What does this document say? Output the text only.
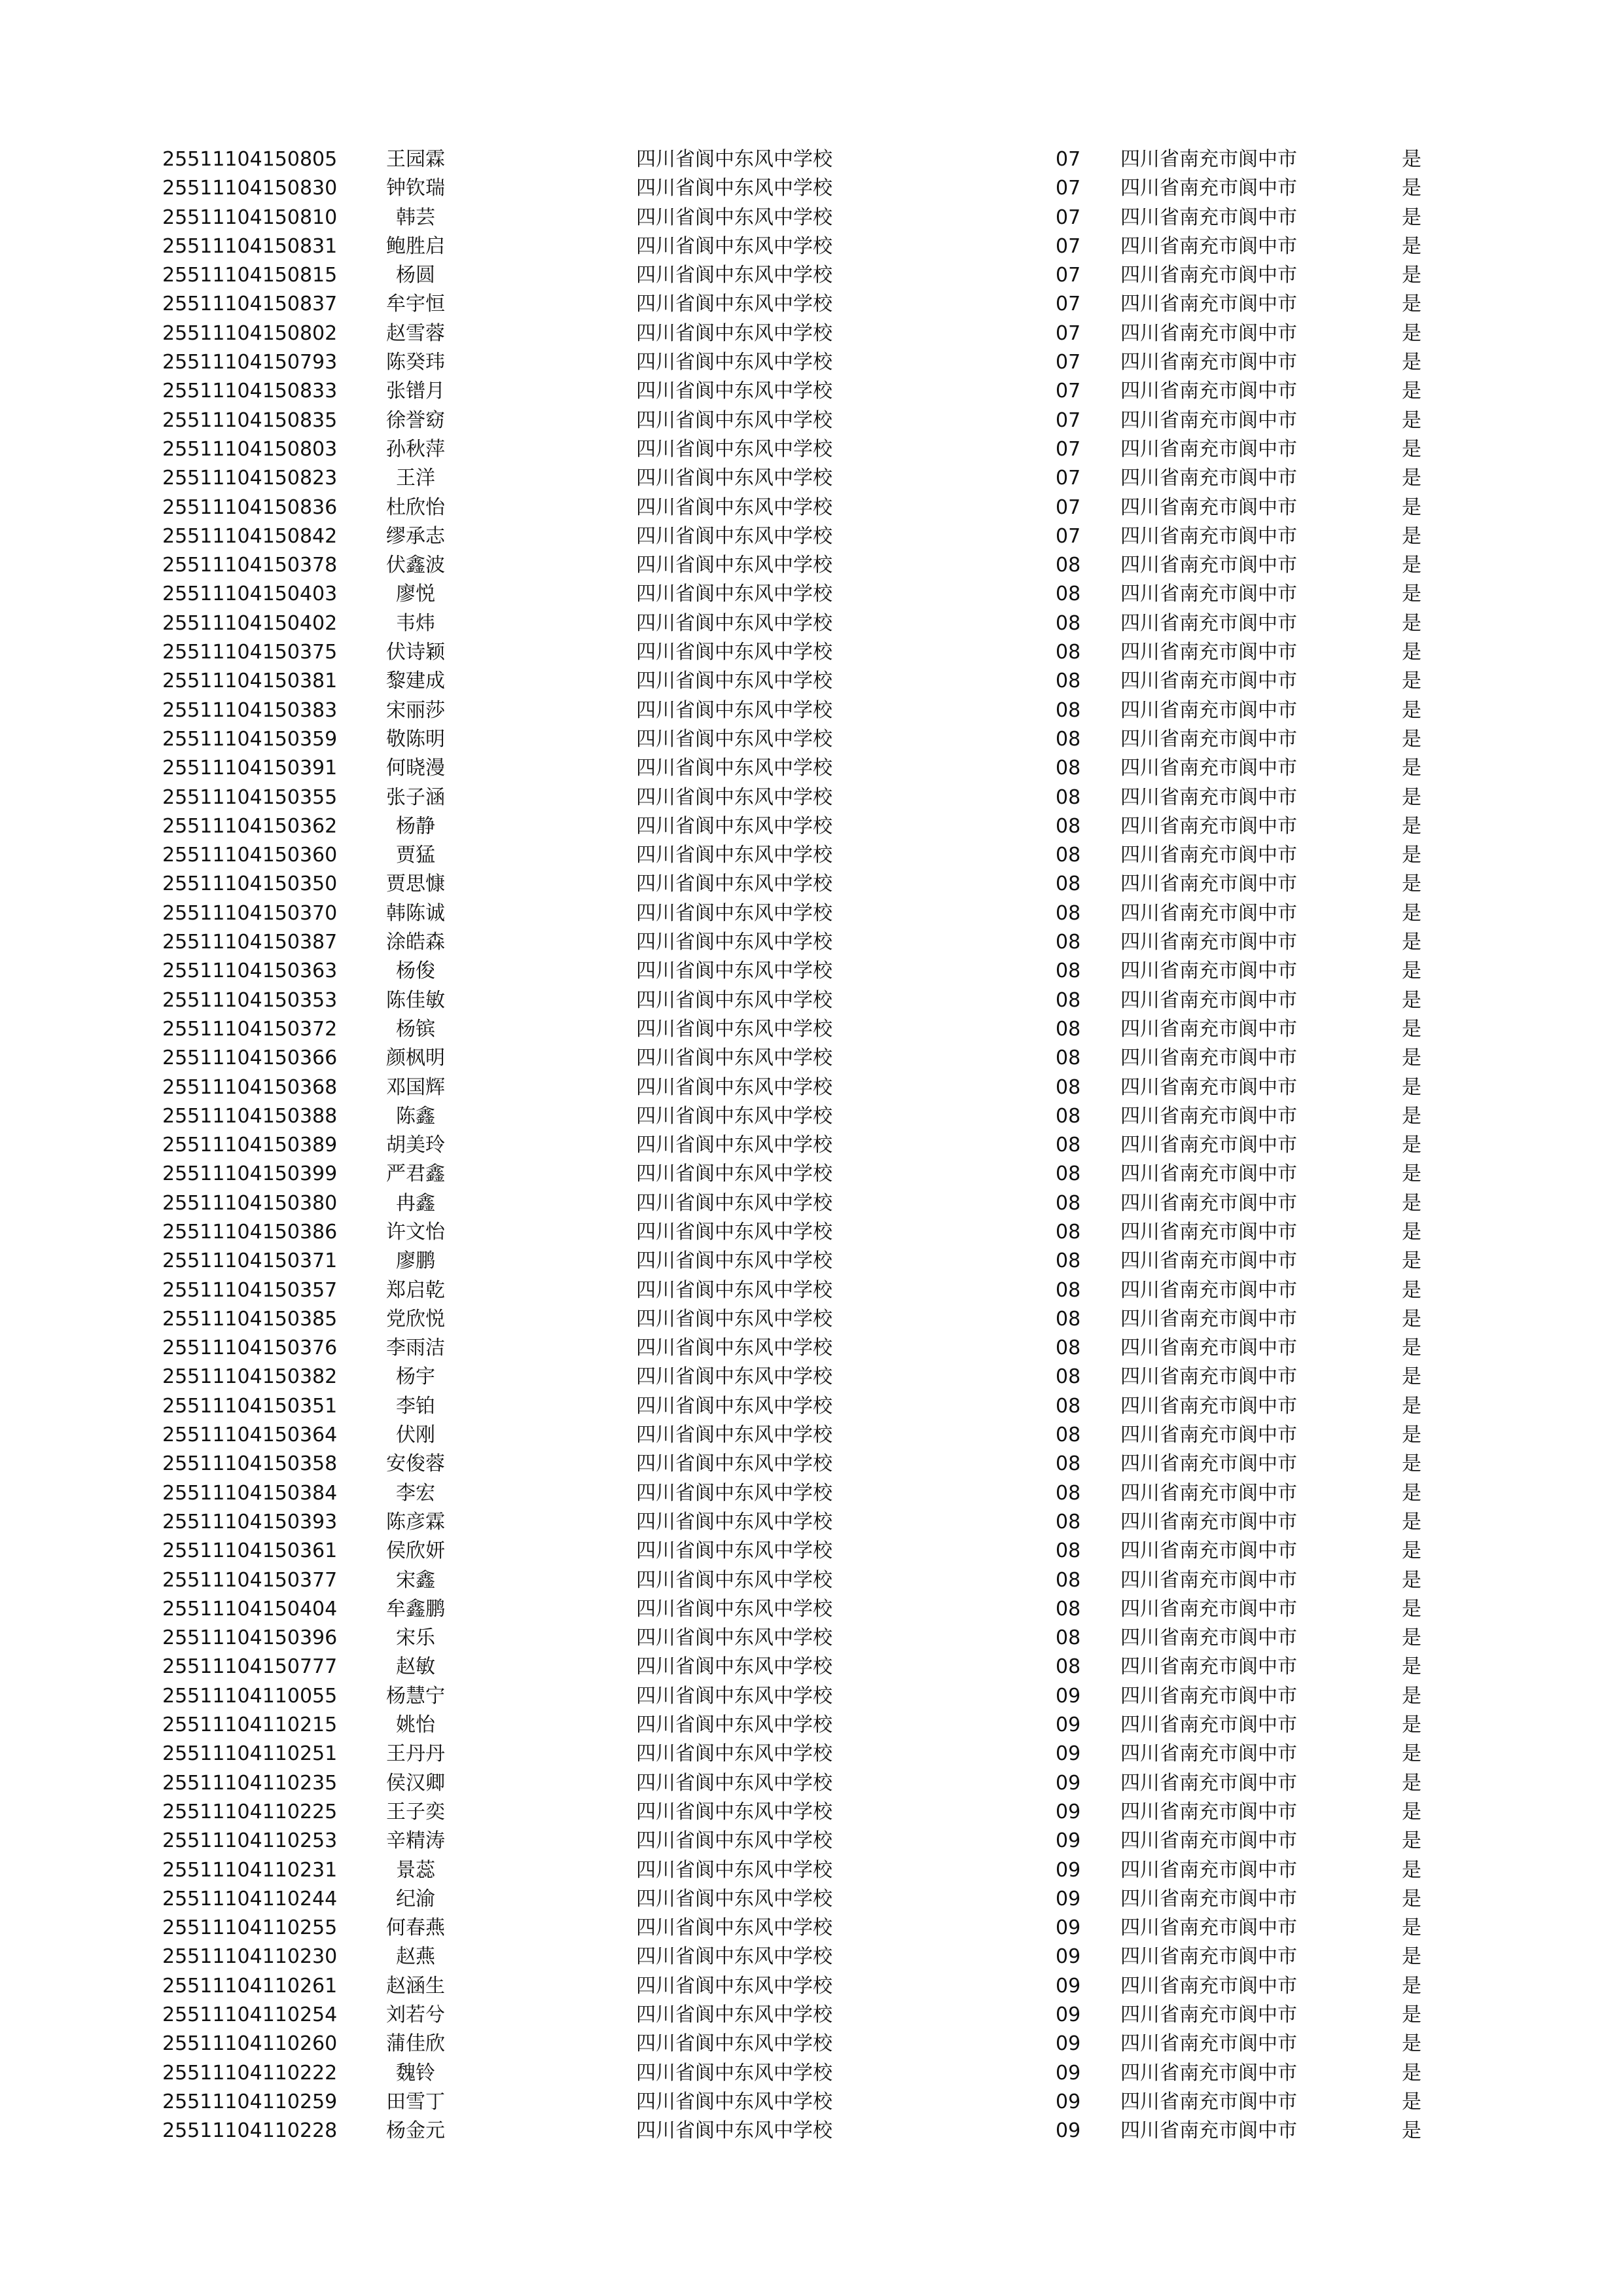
25511104150805	王园霖	四川省阆中东风中学校	07 四川省南充市阆中市	是
25511104150830	钟钦瑞	四川省阆中东风中学校	07 四川省南充市阆中市	是
25511104150810	韩芸	四川省阆中东风中学校	07 四川省南充市阆中市	是
25511104150831	鲍胜启	四川省阆中东风中学校	07 四川省南充市阆中市	是
25511104150815	杨圆	四川省阆中东风中学校	07 四川省南充市阆中市	是
25511104150837	牟宇恒	四川省阆中东风中学校	07 四川省南充市阆中市	是
25511104150802	赵雪蓉	四川省阆中东风中学校	07 四川省南充市阆中市	是
25511104150793	陈癸玮	四川省阆中东风中学校	07 四川省南充市阆中市	是
25511104150833	张镨月	四川省阆中东风中学校	07 四川省南充市阆中市	是
25511104150835	徐誉窈	四川省阆中东风中学校	07 四川省南充市阆中市	是
25511104150803	孙秋萍	四川省阆中东风中学校	07 四川省南充市阆中市	是
25511104150823	王洋	四川省阆中东风中学校	07 四川省南充市阆中市	是
25511104150836	杜欣怡	四川省阆中东风中学校	07 四川省南充市阆中市	是
25511104150842	缪承志	四川省阆中东风中学校	07 四川省南充市阆中市	是
25511104150378	伏鑫波	四川省阆中东风中学校	08 四川省南充市阆中市	是
25511104150403	廖悦	四川省阆中东风中学校	08 四川省南充市阆中市	是
25511104150402	韦炜	四川省阆中东风中学校	08 四川省南充市阆中市	是
25511104150375	伏诗颖	四川省阆中东风中学校	08 四川省南充市阆中市	是
25511104150381	黎建成	四川省阆中东风中学校	08 四川省南充市阆中市	是
25511104150383	宋丽莎	四川省阆中东风中学校	08 四川省南充市阆中市	是
25511104150359	敬陈明	四川省阆中东风中学校	08 四川省南充市阆中市	是
25511104150391	何晓漫	四川省阆中东风中学校	08 四川省南充市阆中市	是
25511104150355	张子涵	四川省阆中东风中学校	08 四川省南充市阆中市	是
25511104150362	杨静	四川省阆中东风中学校	08 四川省南充市阆中市	是
25511104150360	贾猛	四川省阆中东风中学校	08 四川省南充市阆中市	是
25511104150350	贾思慷	四川省阆中东风中学校	08 四川省南充市阆中市	是
25511104150370	韩陈诚	四川省阆中东风中学校	08 四川省南充市阆中市	是
25511104150387	涂皓森	四川省阆中东风中学校	08 四川省南充市阆中市	是
25511104150363	杨俊	四川省阆中东风中学校	08 四川省南充市阆中市	是
25511104150353	陈佳敏	四川省阆中东风中学校	08 四川省南充市阆中市	是
25511104150372	杨镔	四川省阆中东风中学校	08 四川省南充市阆中市	是
25511104150366	颜枫明	四川省阆中东风中学校	08 四川省南充市阆中市	是
25511104150368	邓国辉	四川省阆中东风中学校	08 四川省南充市阆中市	是
25511104150388	陈鑫	四川省阆中东风中学校	08 四川省南充市阆中市	是
25511104150389	胡美玲	四川省阆中东风中学校	08 四川省南充市阆中市	是
25511104150399	严君鑫	四川省阆中东风中学校	08 四川省南充市阆中市	是
25511104150380	冉鑫	四川省阆中东风中学校	08 四川省南充市阆中市	是
25511104150386	许文怡	四川省阆中东风中学校	08 四川省南充市阆中市	是
25511104150371	廖鹏	四川省阆中东风中学校	08 四川省南充市阆中市	是
25511104150357	郑启乾	四川省阆中东风中学校	08 四川省南充市阆中市	是
25511104150385	党欣悦	四川省阆中东风中学校	08 四川省南充市阆中市	是
25511104150376	李雨洁	四川省阆中东风中学校	08 四川省南充市阆中市	是
25511104150382	杨宇	四川省阆中东风中学校	08 四川省南充市阆中市	是
25511104150351	李铂	四川省阆中东风中学校	08 四川省南充市阆中市	是
25511104150364	伏刚	四川省阆中东风中学校	08 四川省南充市阆中市	是
25511104150358	安俊蓉	四川省阆中东风中学校	08 四川省南充市阆中市	是
25511104150384	李宏	四川省阆中东风中学校	08 四川省南充市阆中市	是
25511104150393	陈彦霖	四川省阆中东风中学校	08 四川省南充市阆中市	是
25511104150361	侯欣妍	四川省阆中东风中学校	08 四川省南充市阆中市	是
25511104150377	宋鑫	四川省阆中东风中学校	08 四川省南充市阆中市	是
25511104150404	牟鑫鹏	四川省阆中东风中学校	08 四川省南充市阆中市	是
25511104150396	宋乐	四川省阆中东风中学校	08 四川省南充市阆中市	是
25511104150777	赵敏	四川省阆中东风中学校	08 四川省南充市阆中市	是
25511104110055	杨慧宁	四川省阆中东风中学校	09 四川省南充市阆中市	是
25511104110215	姚怡	四川省阆中东风中学校	09 四川省南充市阆中市	是
25511104110251	王丹丹	四川省阆中东风中学校	09 四川省南充市阆中市	是
25511104110235	侯汉卿	四川省阆中东风中学校	09 四川省南充市阆中市	是
25511104110225	王子奕	四川省阆中东风中学校	09 四川省南充市阆中市	是
25511104110253	辛精涛	四川省阆中东风中学校	09 四川省南充市阆中市	是
25511104110231	景蕊	四川省阆中东风中学校	09 四川省南充市阆中市	是
25511104110244	纪渝	四川省阆中东风中学校	09 四川省南充市阆中市	是
25511104110255	何春燕	四川省阆中东风中学校	09 四川省南充市阆中市	是
25511104110230	赵燕	四川省阆中东风中学校	09 四川省南充市阆中市	是
25511104110261	赵涵生	四川省阆中东风中学校	09 四川省南充市阆中市	是
25511104110254	刘若兮	四川省阆中东风中学校	09 四川省南充市阆中市	是
25511104110260	蒲佳欣	四川省阆中东风中学校	09 四川省南充市阆中市	是
25511104110222	魏铃	四川省阆中东风中学校	09 四川省南充市阆中市	是
25511104110259	田雪丁	四川省阆中东风中学校	09 四川省南充市阆中市	是
25511104110228	杨金元	四川省阆中东风中学校	09 四川省南充市阆中市	是
